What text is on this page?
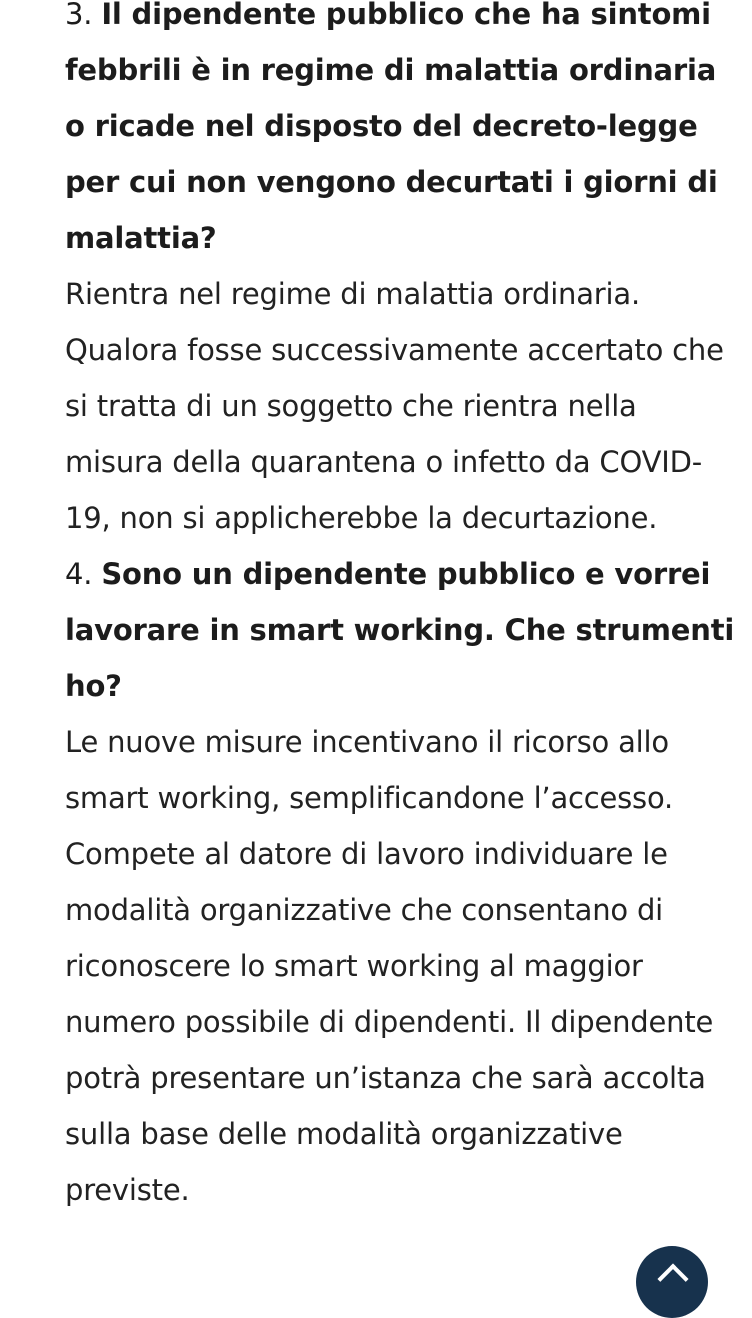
3. Il dipendente pubblico che ha sintomi febbrili è in regime di malattia ordinaria o ricade nel disposto del decreto-legge per cui non vengono decurtati i giorni di malattia?

Rientra nel regime di malattia ordinaria. Qualora fosse successivamente accertato che si tratta di un soggetto che rientra nella misura della quarantena o infetto da COVID-19, non si applicherebbe la decurtazione.

4. Sono un dipendente pubblico e vorrei lavorare in smart working. Che strumenti ho?

Le nuove misure incentivano il ricorso allo smart working, semplificandone l’accesso. Compete al datore di lavoro individuare le modalità organizzative che consentano di riconoscere lo smart working al maggior numero possibile di dipendenti. Il dipendente potrà presentare un’istanza che sarà accolta sulla base delle modalità organizzative previste.
